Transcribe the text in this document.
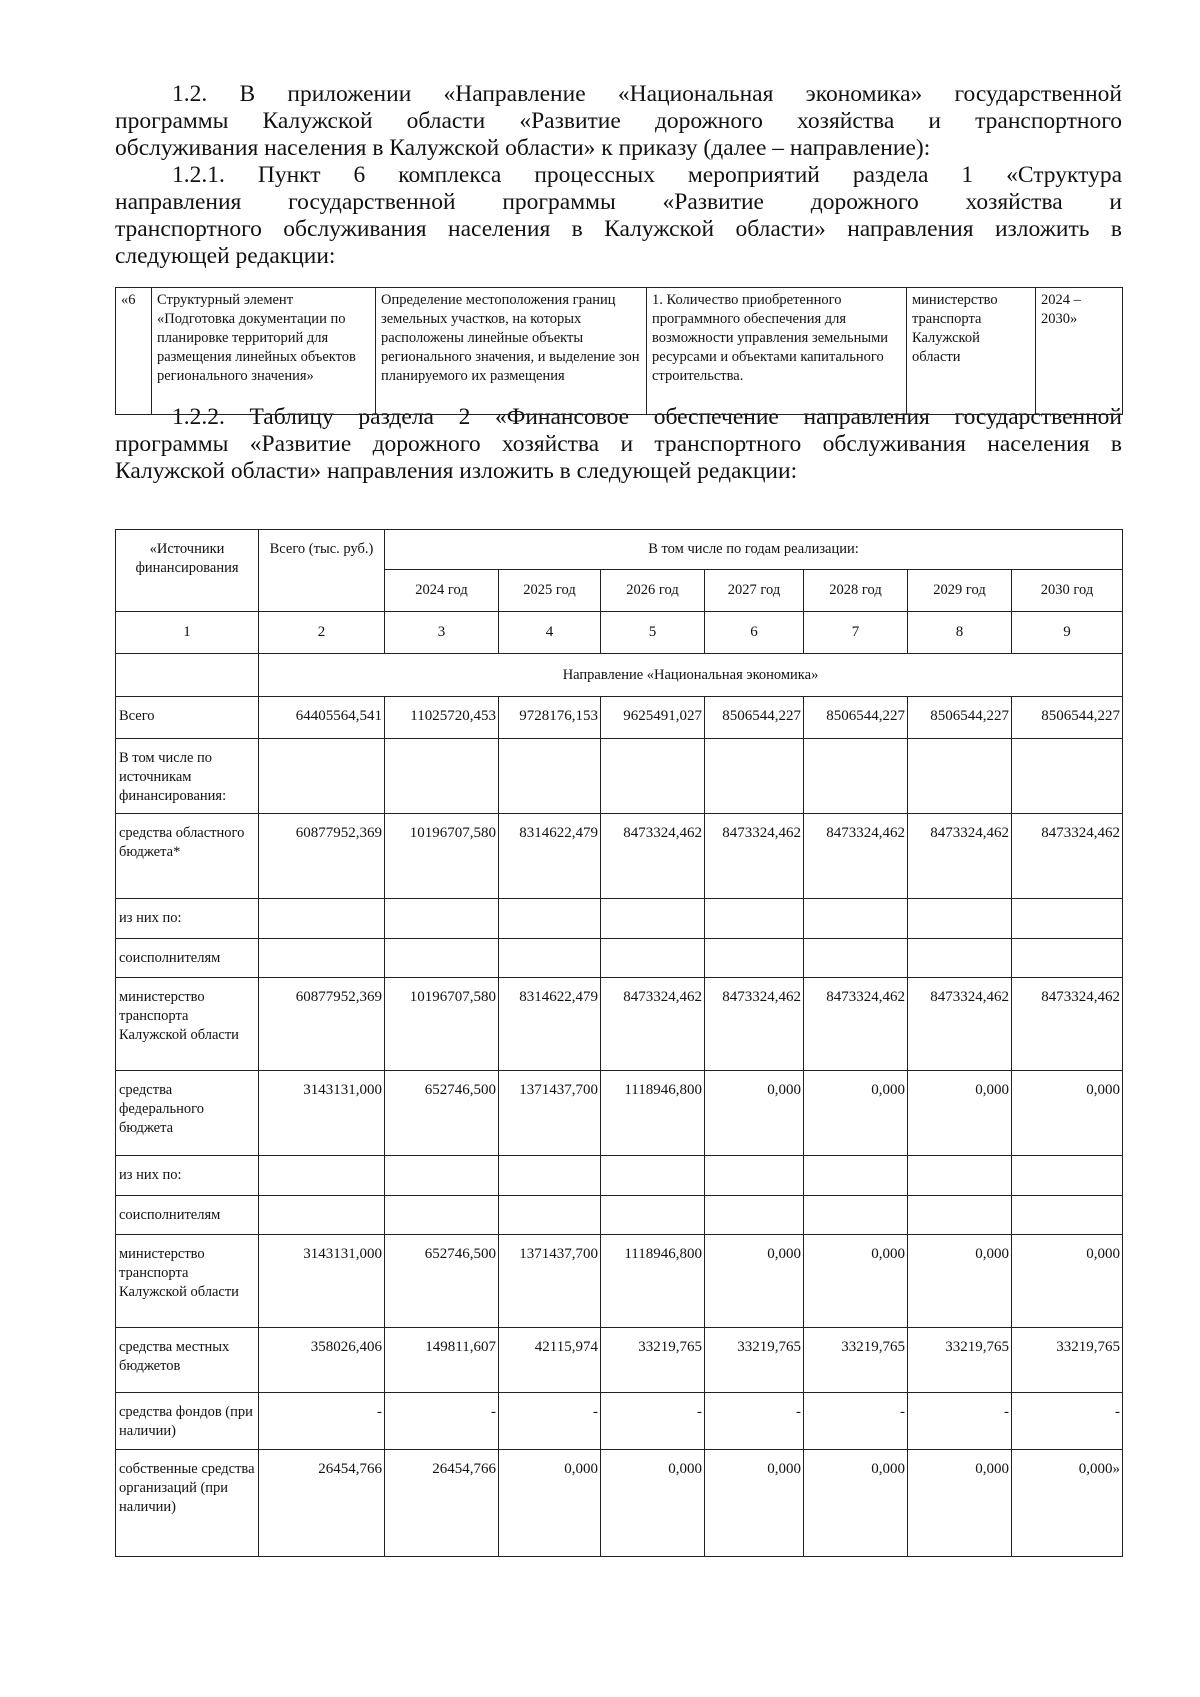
1.2. В приложении «Направление «Национальная экономика» государственной
программы Калужской области «Развитие дорожного хозяйства и транспортного
обслуживания населения в Калужской области» к приказу (далее – направление):
1.2.1. Пункт 6 комплекса процессных мероприятий раздела 1 «Структура
направления государственной программы «Развитие дорожного хозяйства и
транспортного обслуживания населения в Калужской области» направления изложить в
следующей редакции:
1.2.2. Таблицу раздела 2 «Финансовое обеспечение направления государственной
программы «Развитие дорожного хозяйства и транспортного обслуживания населения в
Калужской области» направления изложить в следующей редакции:
«6	Структурный элемент «Подготовка документации по планировке территорий для размещения линейных объектов регионального значения»	Определение местоположения границ земельных участков, на которых расположены линейные объекты регионального значения, и выделение зон планируемого их размещения	1. Количество приобретенного программного обеспечения для возможности управления земельными ресурсами и объектами капитального строительства.	министерство транспорта Калужской области	2024 – 2030»
«Источники финансирования	Всего (тыс. руб.)	В том числе по годам реализации:						
		2024 год	2025 год	2026 год	2027 год	2028 год	2029 год	2030 год
1	2	3	4	5	6	7	8	9
	Направление «Национальная экономика»							
Всего	64405564,541	11025720,453	9728176,153	9625491,027	8506544,227	8506544,227	8506544,227	8506544,227
В том числе по источникам финансирования:								
средства областного бюджета*	60877952,369	10196707,580	8314622,479	8473324,462	8473324,462	8473324,462	8473324,462	8473324,462
из них по:								
соисполнителям								
министерство транспорта Калужской области	60877952,369	10196707,580	8314622,479	8473324,462	8473324,462	8473324,462	8473324,462	8473324,462
средства федерального бюджета	3143131,000	652746,500	1371437,700	1118946,800	0,000	0,000	0,000	0,000
из них по:								
соисполнителям								
министерство транспорта Калужской области	3143131,000	652746,500	1371437,700	1118946,800	0,000	0,000	0,000	0,000
средства местных бюджетов	358026,406	149811,607	42115,974	33219,765	33219,765	33219,765	33219,765	33219,765
средства фондов (при наличии)	-	-	-	-	-	-	-	-
собственные средства организаций (при наличии)	26454,766	26454,766	0,000	0,000	0,000	0,000	0,000	0,000»
